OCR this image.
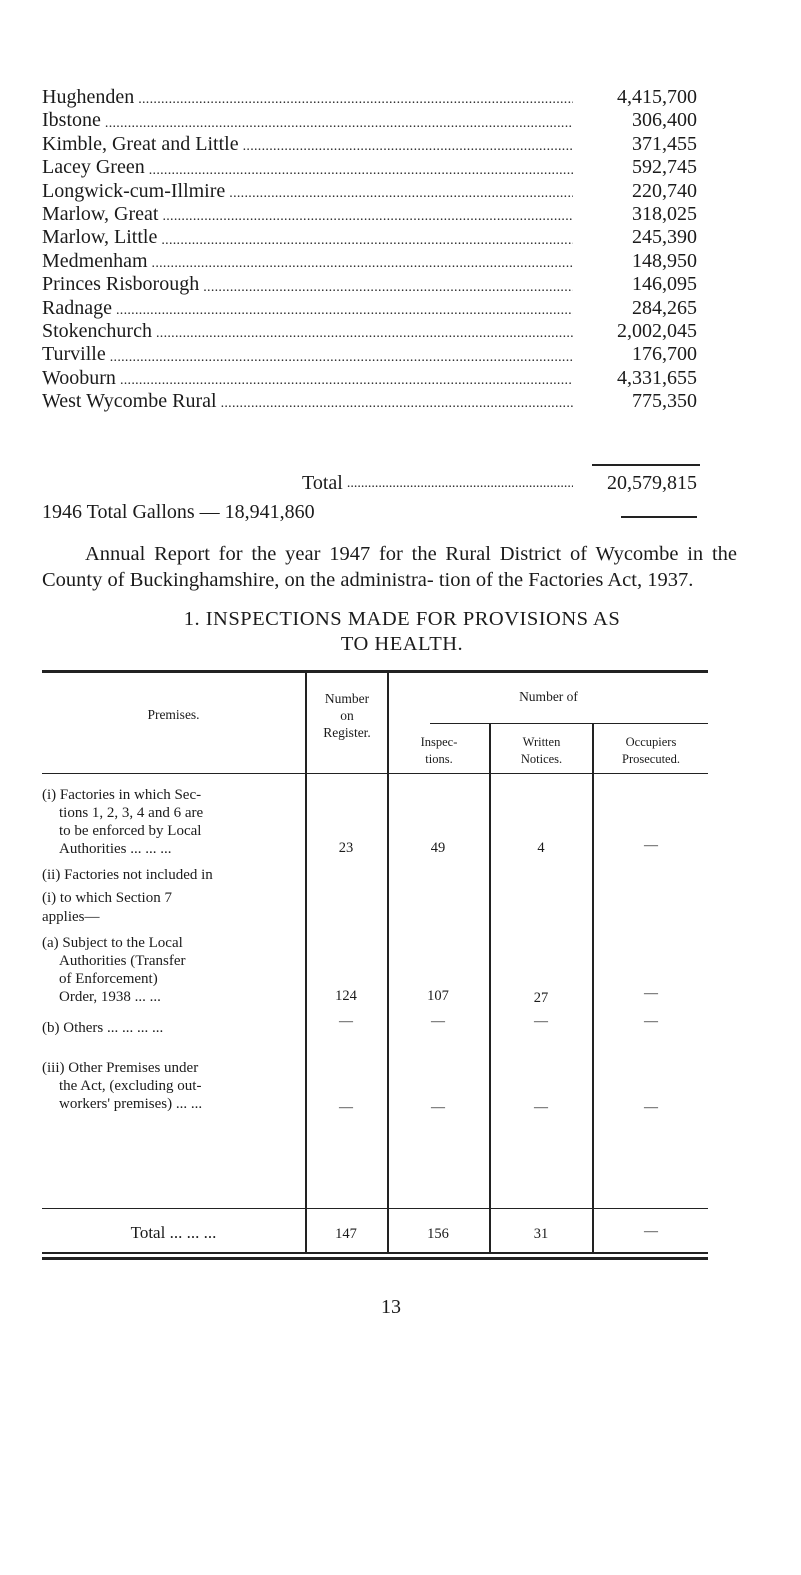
Hughenden .....	4,415,700
Ibstone .....	306,400
Kimble, Great and Little .....	371,455
Lacey Green .....	592,745
Longwick-cum-Illmire .....	220,740
Marlow, Great .....	318,025
Marlow, Little .....	245,390
Medmenham .....	148,950
Princes Risborough .....	146,095
Radnage .....	284,265
Stokenchurch .....	2,002,045
Turville .....	176,700
Wooburn .....	4,331,655
West Wycombe Rural .....	775,350
Total .....	20,579,815
1946 Total Gallons — 18,941,860
Annual Report for the year 1947 for the Rural District of Wycombe in the County of Buckinghamshire, on the administra- tion of the Factories Act, 1937.
1. INSPECTIONS MADE FOR PROVISIONS AS
TO HEALTH.
Premises.
Number
on
Register.
Number of
Inspec-
tions.
Written
Notices.
Occupiers
Prosecuted.
(i) Factories in which Sec-
tions 1, 2, 3, 4 and 6 are
to be enforced by Local
Authorities ... ... ...	23	49	4	—
(ii) Factories not included in
(i) to which Section 7
applies—
(a) Subject to the Local
Authorities (Transfer
of Enforcement)
Order, 1938 ... ...	124	107	27	—
(b) Others ... ... ... ...	—	—	—	—
(iii) Other Premises under
the Act, (excluding out-
workers' premises) ... ...	—	—	—	—
Total ... ... ...	147	156	31	—
13
